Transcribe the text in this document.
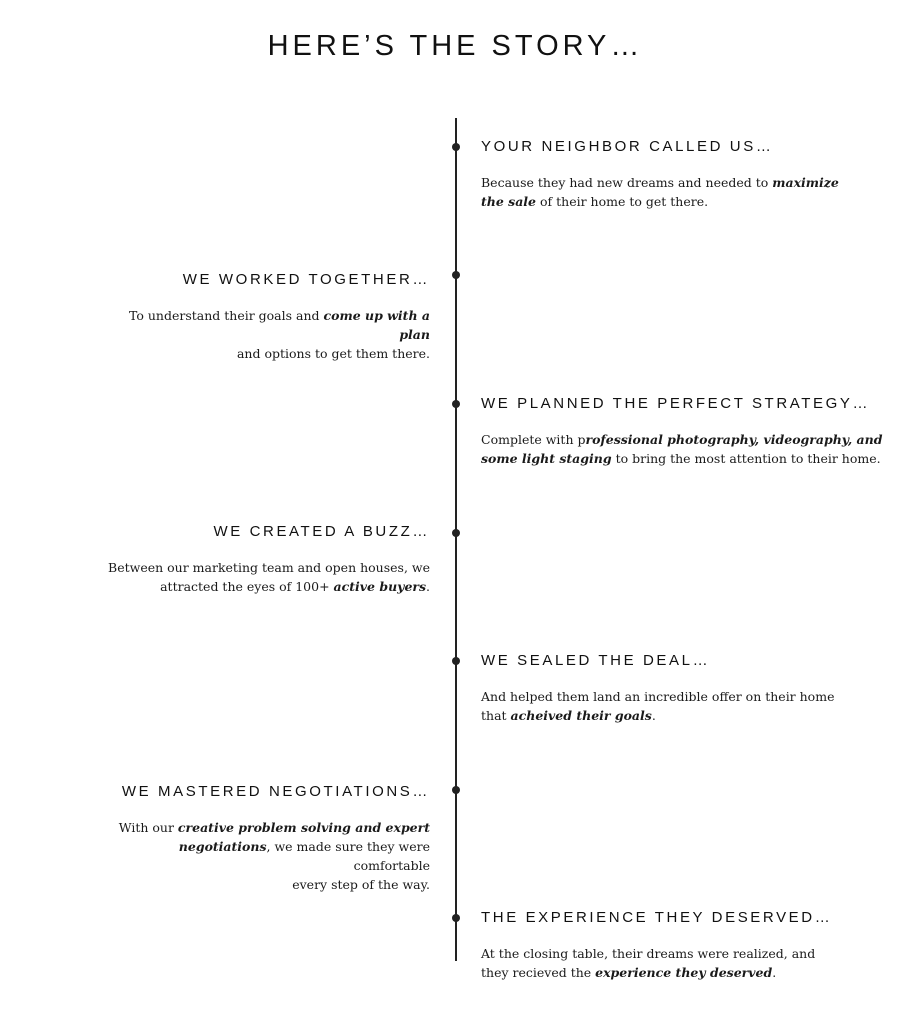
HERE’S THE STORY…
YOUR NEIGHBOR CALLED US…

Because they had new dreams and needed to maximize
the sale of their home to get there.

WE WORKED TOGETHER…

To understand their goals and come up with a plan
and options to get them there.

WE PLANNED THE PERFECT STRATEGY…

Complete with professional photography, videography, and
some light staging to bring the most attention to their home.

WE CREATED A BUZZ…

Between our marketing team and open houses, we
attracted the eyes of 100+ active buyers.

WE SEALED THE DEAL…

And helped them land an incredible offer on their home
that acheived their goals.

WE MASTERED NEGOTIATIONS…

With our creative problem solving and expert
negotiations, we made sure they were comfortable
every step of the way.

THE EXPERIENCE THEY DESERVED…

At the closing table, their dreams were realized, and
they recieved the experience they deserved.
